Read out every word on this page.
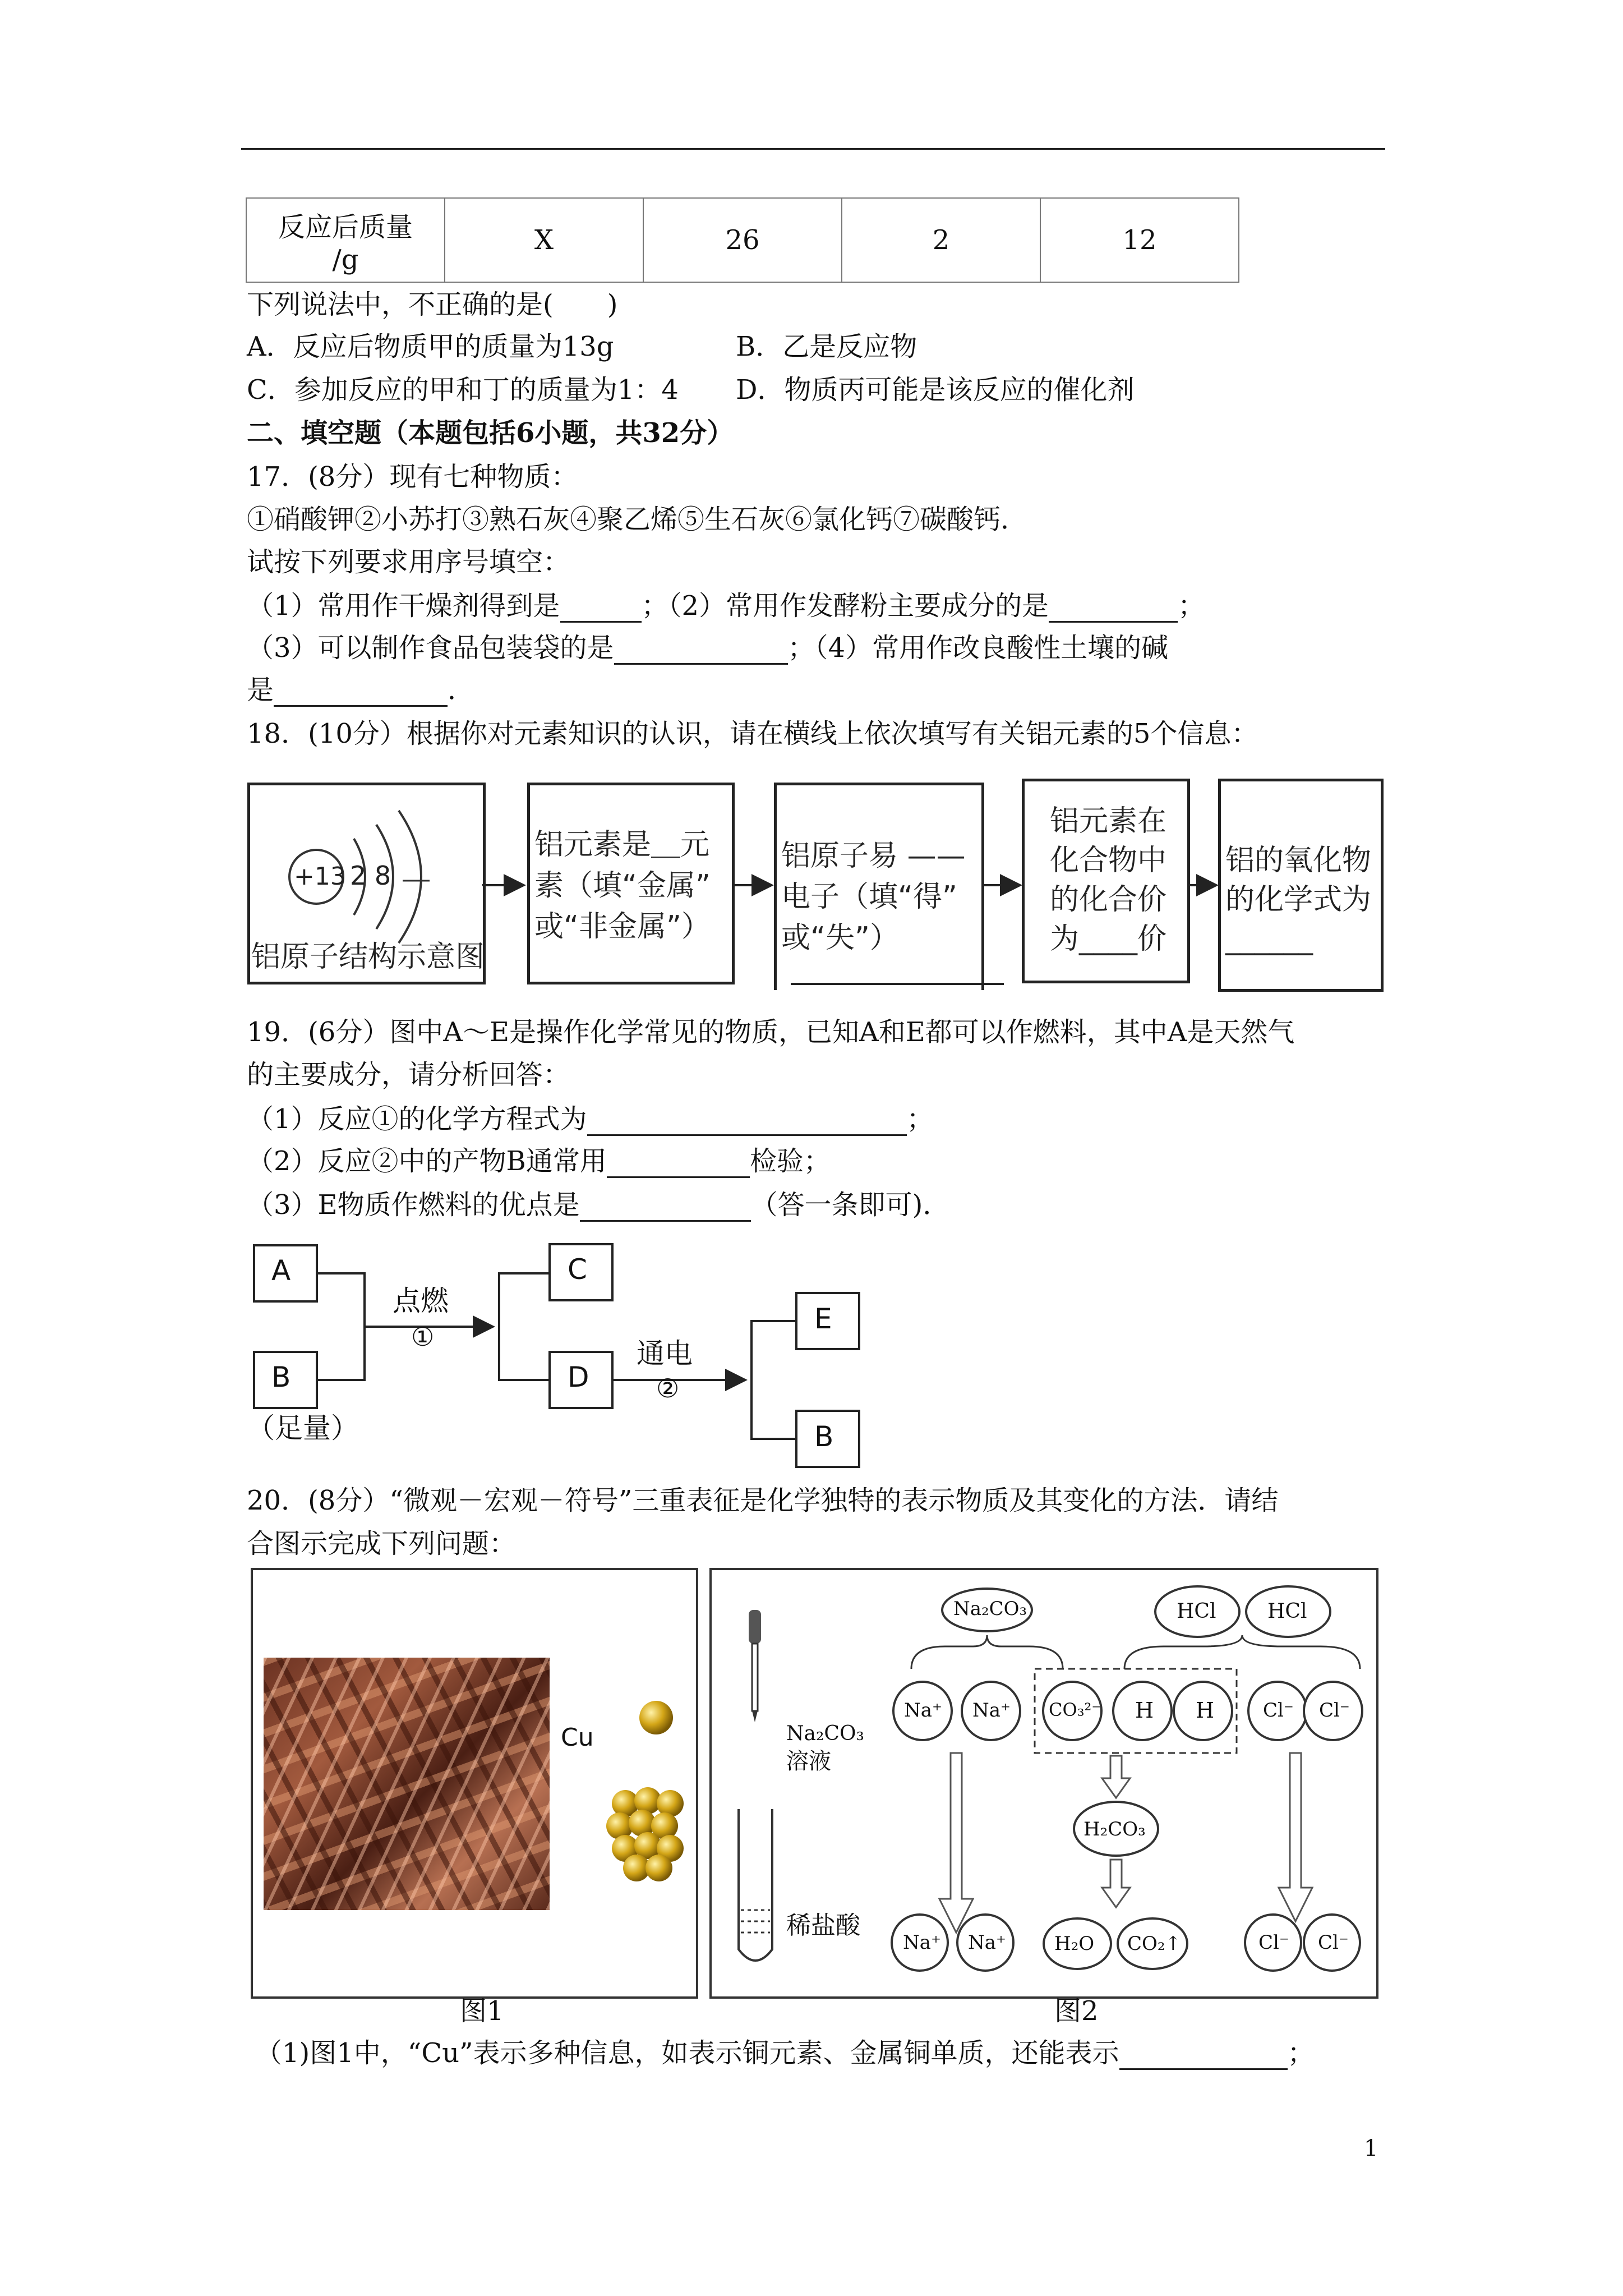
反应后质量
/g
	X	26	2	12
下列说法中，不正确的是(　　)
A．反应后物质甲的质量为13g	B．乙是反应物
C．参加反应的甲和丁的质量为1：4 D．物质丙可能是该反应的催化剂
二、填空题（本题包括6小题，共32分）
17．(8分）现有七种物质：
①硝酸钾②小苏打③熟石灰④聚乙烯⑤生石灰⑥氯化钙⑦碳酸钙．
试按下列要求用序号填空：
（1）常用作干燥剂得到是	；（2）常用作发酵粉主要成分的是	；
（3）可以制作食品包装袋的是	；（4）常用作改良酸性土壤的碱
是	．
18．(10分）根据你对元素知识的认识，请在横线上依次填写有关铝元素的5个信息：
+13 2 8
铝原子结构示意图
铝元素是＿元
素（填“金属”
或“非金属”）
铝原子易 ——
电子（填“得”
或“失”）
铝元素在
化合物中
的化合价
为____价
铝的氧化物
的化学式为
______
19．(6分）图中A～E是操作化学常见的物质，已知A和E都可以作燃料，其中A是天然气
的主要成分，请分析回答：
（1）反应①的化学方程式为	；
（2）反应②中的产物B通常用	检验；
（3）E物质作燃料的优点是	（答一条即可)．
A
B
（足量）
点燃
①
C
D
通电
②
E
B
20．(8分）“微观－宏观－符号”三重表征是化学独特的表示物质及其变化的方法．请结
合图示完成下列问题：
Cu
图1
Na₂CO₃
溶液
稀盐酸
Na₂CO₃	HCl	HCl
Na⁺ Na⁺ CO₃²⁻ H H	Cl⁻ Cl⁻
H₂CO₃
Na⁺ Na⁺	H₂O CO₂↑	Cl⁻ Cl⁻
图2
（1)图1中，“Cu”表示多种信息，如表示铜元素、金属铜单质，还能表示	；
1
